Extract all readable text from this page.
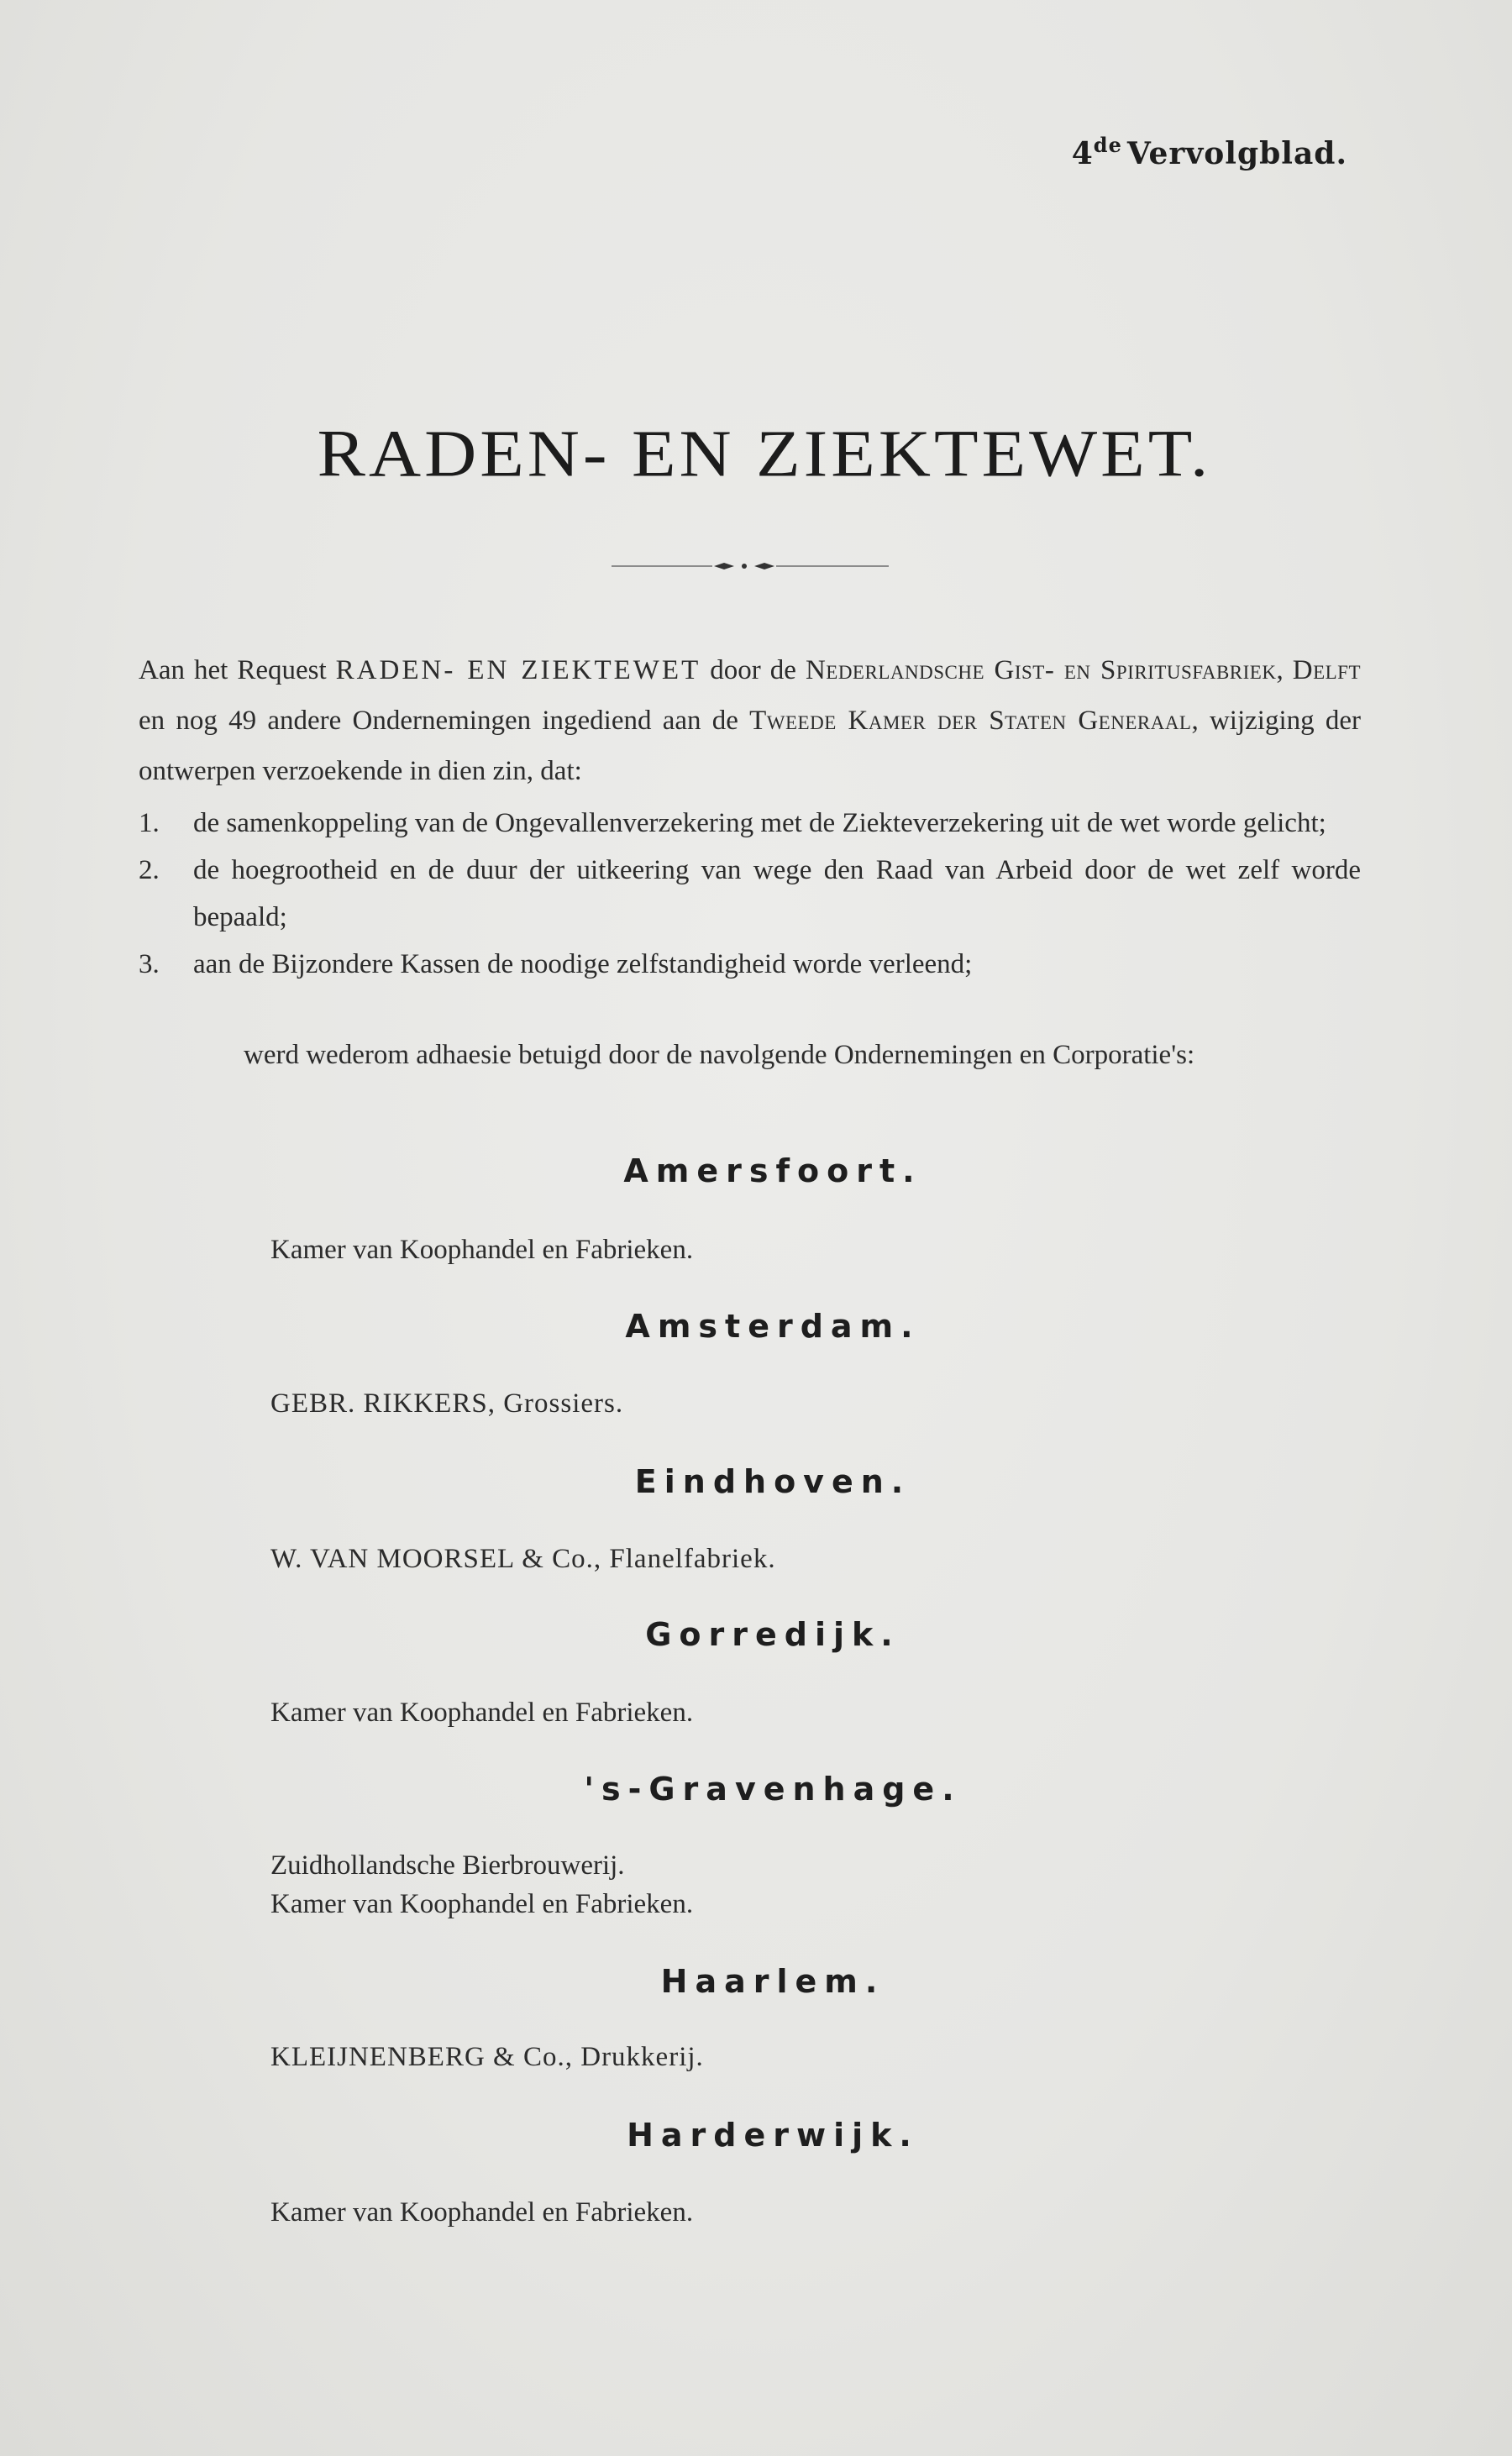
4de Vervolgblad.
RADEN- EN ZIEKTEWET.

Aan het Request RADEN- EN ZIEKTEWET door de Nederlandsche Gist- en Spiritusfabriek, Delft en nog 49 andere Ondernemingen ingediend aan de Tweede Kamer der Staten Generaal, wijziging der ontwerpen verzoekende in dien zin, dat:

1. de samenkoppeling van de Ongevallenverzekering met de Ziekteverzekering uit de wet worde gelicht;
2. de hoegrootheid en de duur der uitkeering van wege den Raad van Arbeid door de wet zelf worde bepaald;
3. aan de Bijzondere Kassen de noodige zelfstandigheid worde verleend;

werd wederom adhaesie betuigd door de navolgende Ondernemingen en Corporatie's:

Amersfoort.
Kamer van Koophandel en Fabrieken.
Amsterdam.
GEBR. RIKKERS, Grossiers.
Eindhoven.
W. VAN MOORSEL & Co., Flanelfabriek.
Gorredijk.
Kamer van Koophandel en Fabrieken.
's-Gravenhage.
Zuidhollandsche Bierbrouwerij.
Kamer van Koophandel en Fabrieken.
Haarlem.
KLEIJNENBERG & Co., Drukkerij.
Harderwijk.
Kamer van Koophandel en Fabrieken.
